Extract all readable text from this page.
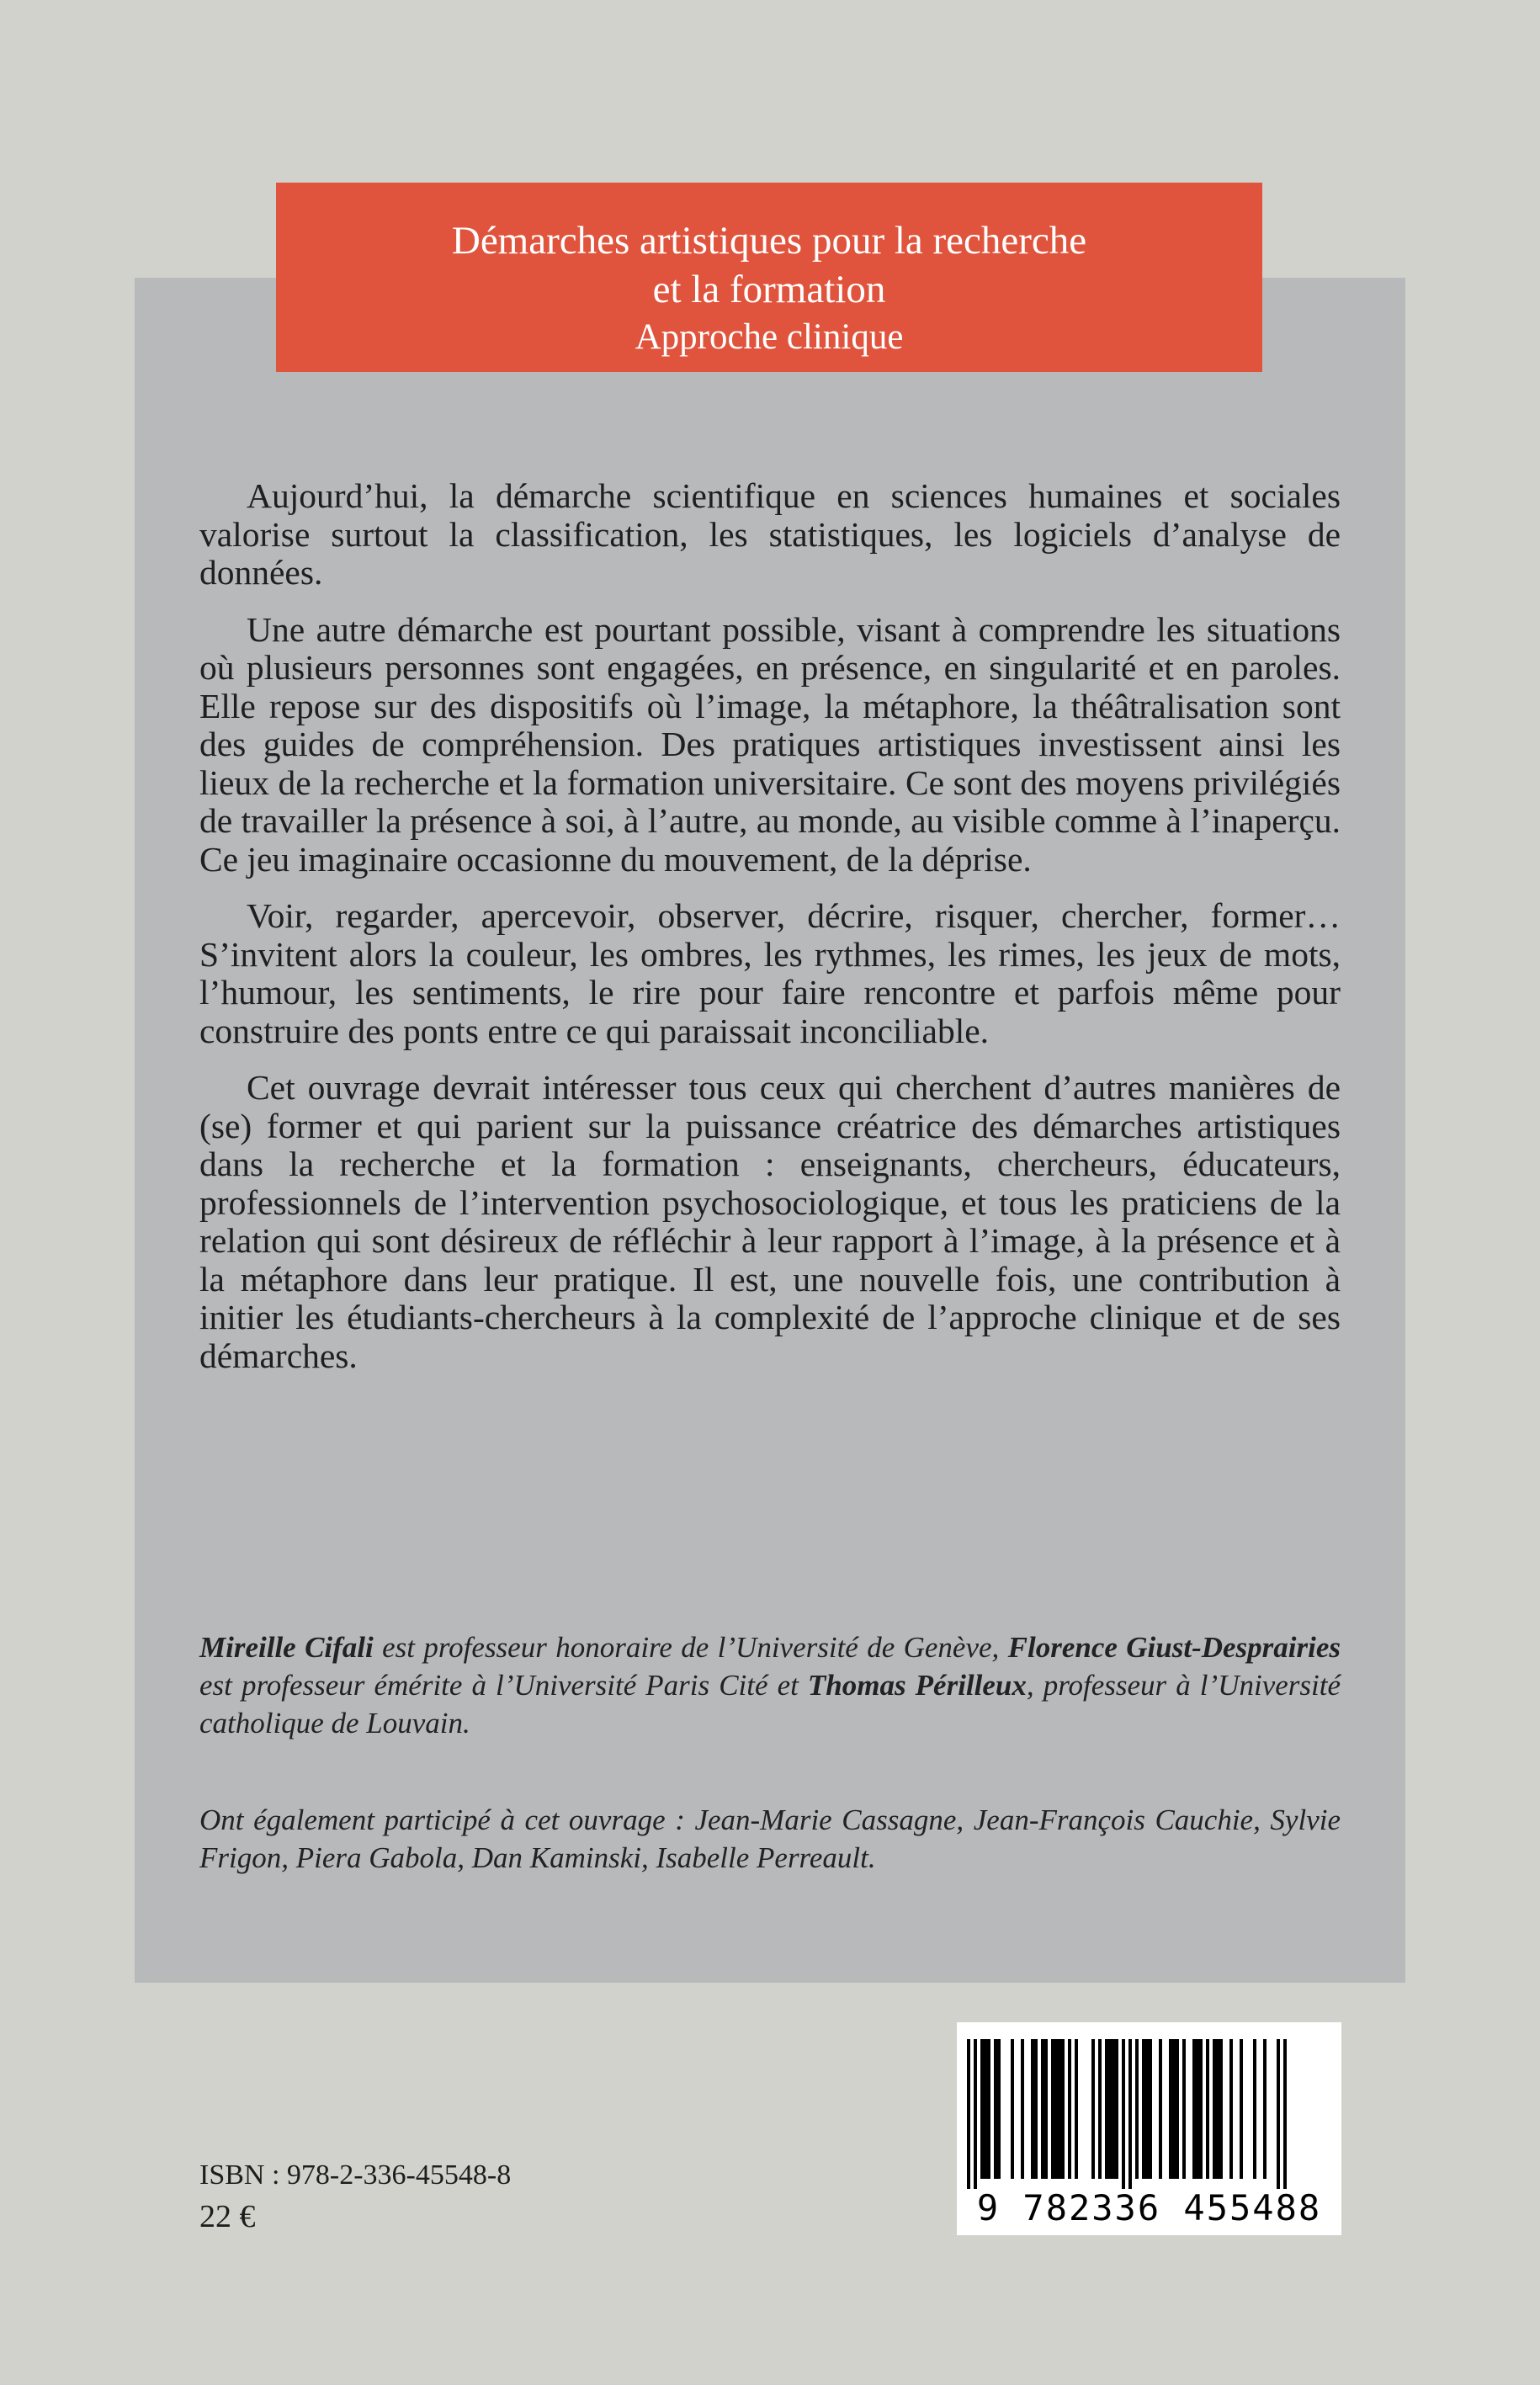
Démarches artistiques pour la recherche
et la formation
Approche clinique

Aujourd’hui, la démarche scientifique en sciences humaines et sociales valorise surtout la classification, les statistiques, les logiciels d’analyse de données.

Une autre démarche est pourtant possible, visant à comprendre les situations où plusieurs personnes sont engagées, en présence, en singularité et en paroles. Elle repose sur des dispositifs où l’image, la métaphore, la théâtralisation sont des guides de compréhension. Des pratiques artistiques investissent ainsi les lieux de la recherche et la formation universitaire. Ce sont des moyens privilégiés de travailler la présence à soi, à l’autre, au monde, au visible comme à l’inaperçu. Ce jeu imaginaire occasionne du mouvement, de la déprise.

Voir, regarder, apercevoir, observer, décrire, risquer, chercher, former… S’invitent alors la couleur, les ombres, les rythmes, les rimes, les jeux de mots, l’humour, les sentiments, le rire pour faire rencontre et parfois même pour construire des ponts entre ce qui paraissait inconciliable.

Cet ouvrage devrait intéresser tous ceux qui cherchent d’autres manières de (se) former et qui parient sur la puissance créatrice des démarches artistiques dans la recherche et la formation : enseignants, chercheurs, éducateurs, professionnels de l’intervention psychosociologique, et tous les praticiens de la relation qui sont désireux de réfléchir à leur rapport à l’image, à la présence et à la métaphore dans leur pratique. Il est, une nouvelle fois, une contribution à initier les étudiants-chercheurs à la complexité de l’approche clinique et de ses démarches.

Mireille Cifali est professeur honoraire de l’Université de Genève, Florence Giust-Desprairies est professeur émérite à l’Université Paris Cité et Thomas Périlleux, professeur à l’Université catholique de Louvain.

Ont également participé à cet ouvrage : Jean-Marie Cassagne, Jean-François Cauchie, Sylvie Frigon, Piera Gabola, Dan Kaminski, Isabelle Perreault.

ISBN : 978-2-336-45548-8
22 €	9 782336 455488
